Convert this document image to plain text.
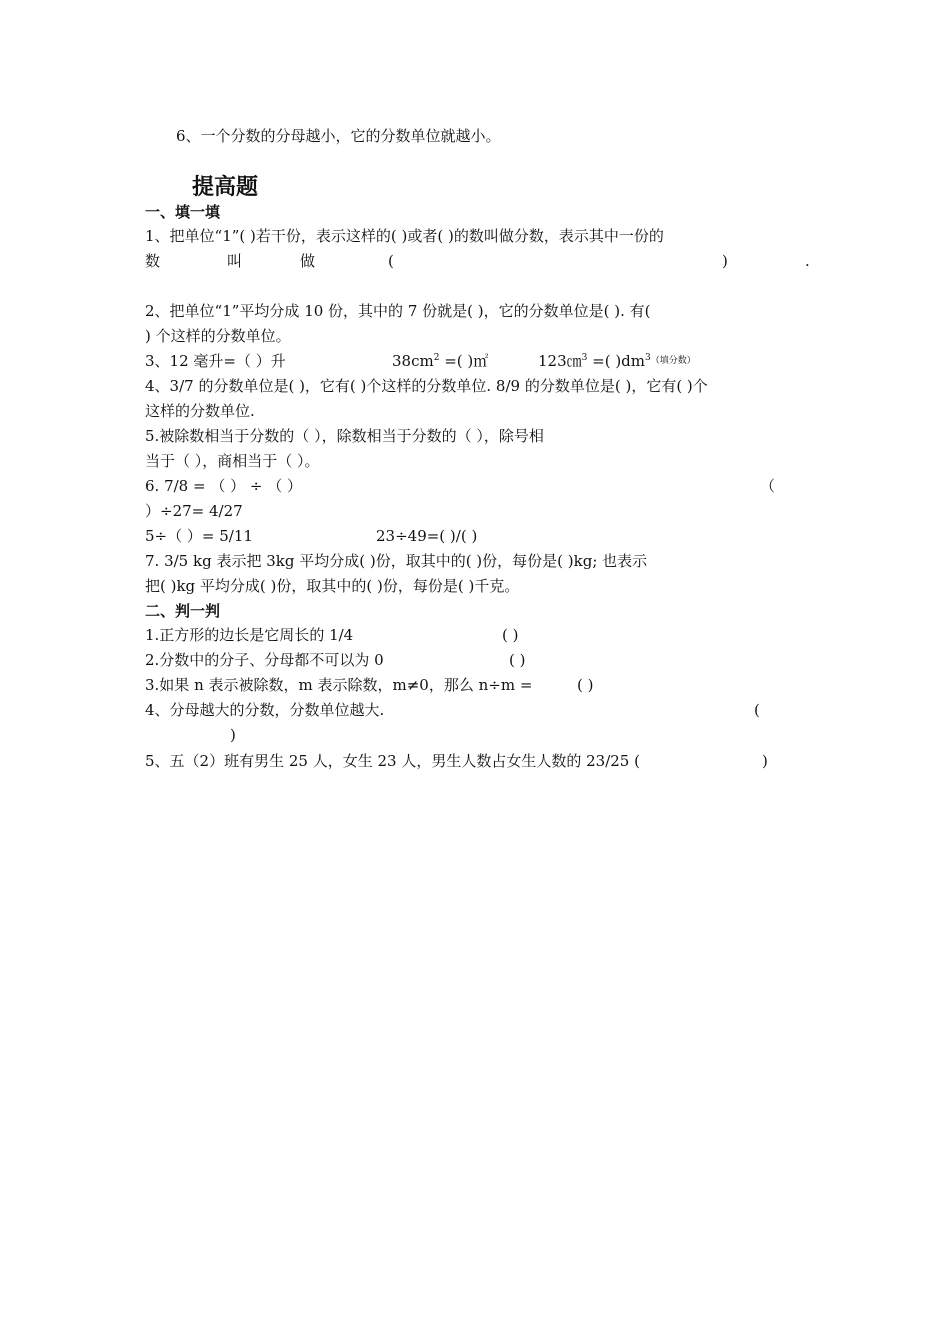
6、一个分数的分母越小，它的分数单位就越小。
提高题
一、填一填
1、把单位“1”( )若干份，表示这样的( )或者( )的数叫做分数，表示其中一份的
数	叫	做	(	)	.
2、把单位“1”平均分成 10 份，其中的 7 份就是( )，它的分数单位是( ). 有(
) 个这样的分数单位。
3、12 毫升=（ ）升	$38cm^2$ =( )㎡	123㎝$^3$ =( )$dm^{3(填分数)}$
4、3/7 的分数单位是( )，它有( )个这样的分数单位. 8/9 的分数单位是( )，它有( )个
这样的分数单位.
5.被除数相当于分数的（ ），除数相当于分数的（ ），除号相
当于（ ），商相当于（ ）。
6. 7/8 = （ ） ÷ （ ）	（
）÷27= 4/27
5÷（ ）= 5/11	23÷49=( )/( )
7. 3/5 kg 表示把 3kg 平均分成( )份，取其中的( )份，每份是( )kg; 也表示
把( )kg 平均分成( )份，取其中的( )份，每份是( )千克。
二、判一判
1.正方形的边长是它周长的 1/4	( )
2.分数中的分子、分母都不可以为 0	( )
3.如果 n 表示被除数，m 表示除数，m≠0，那么 n÷m =	( )
4、分母越大的分数，分数单位越大.	(
)
5、五（2）班有男生 25 人，女生 23 人，男生人数占女生人数的 23/25 (	)
